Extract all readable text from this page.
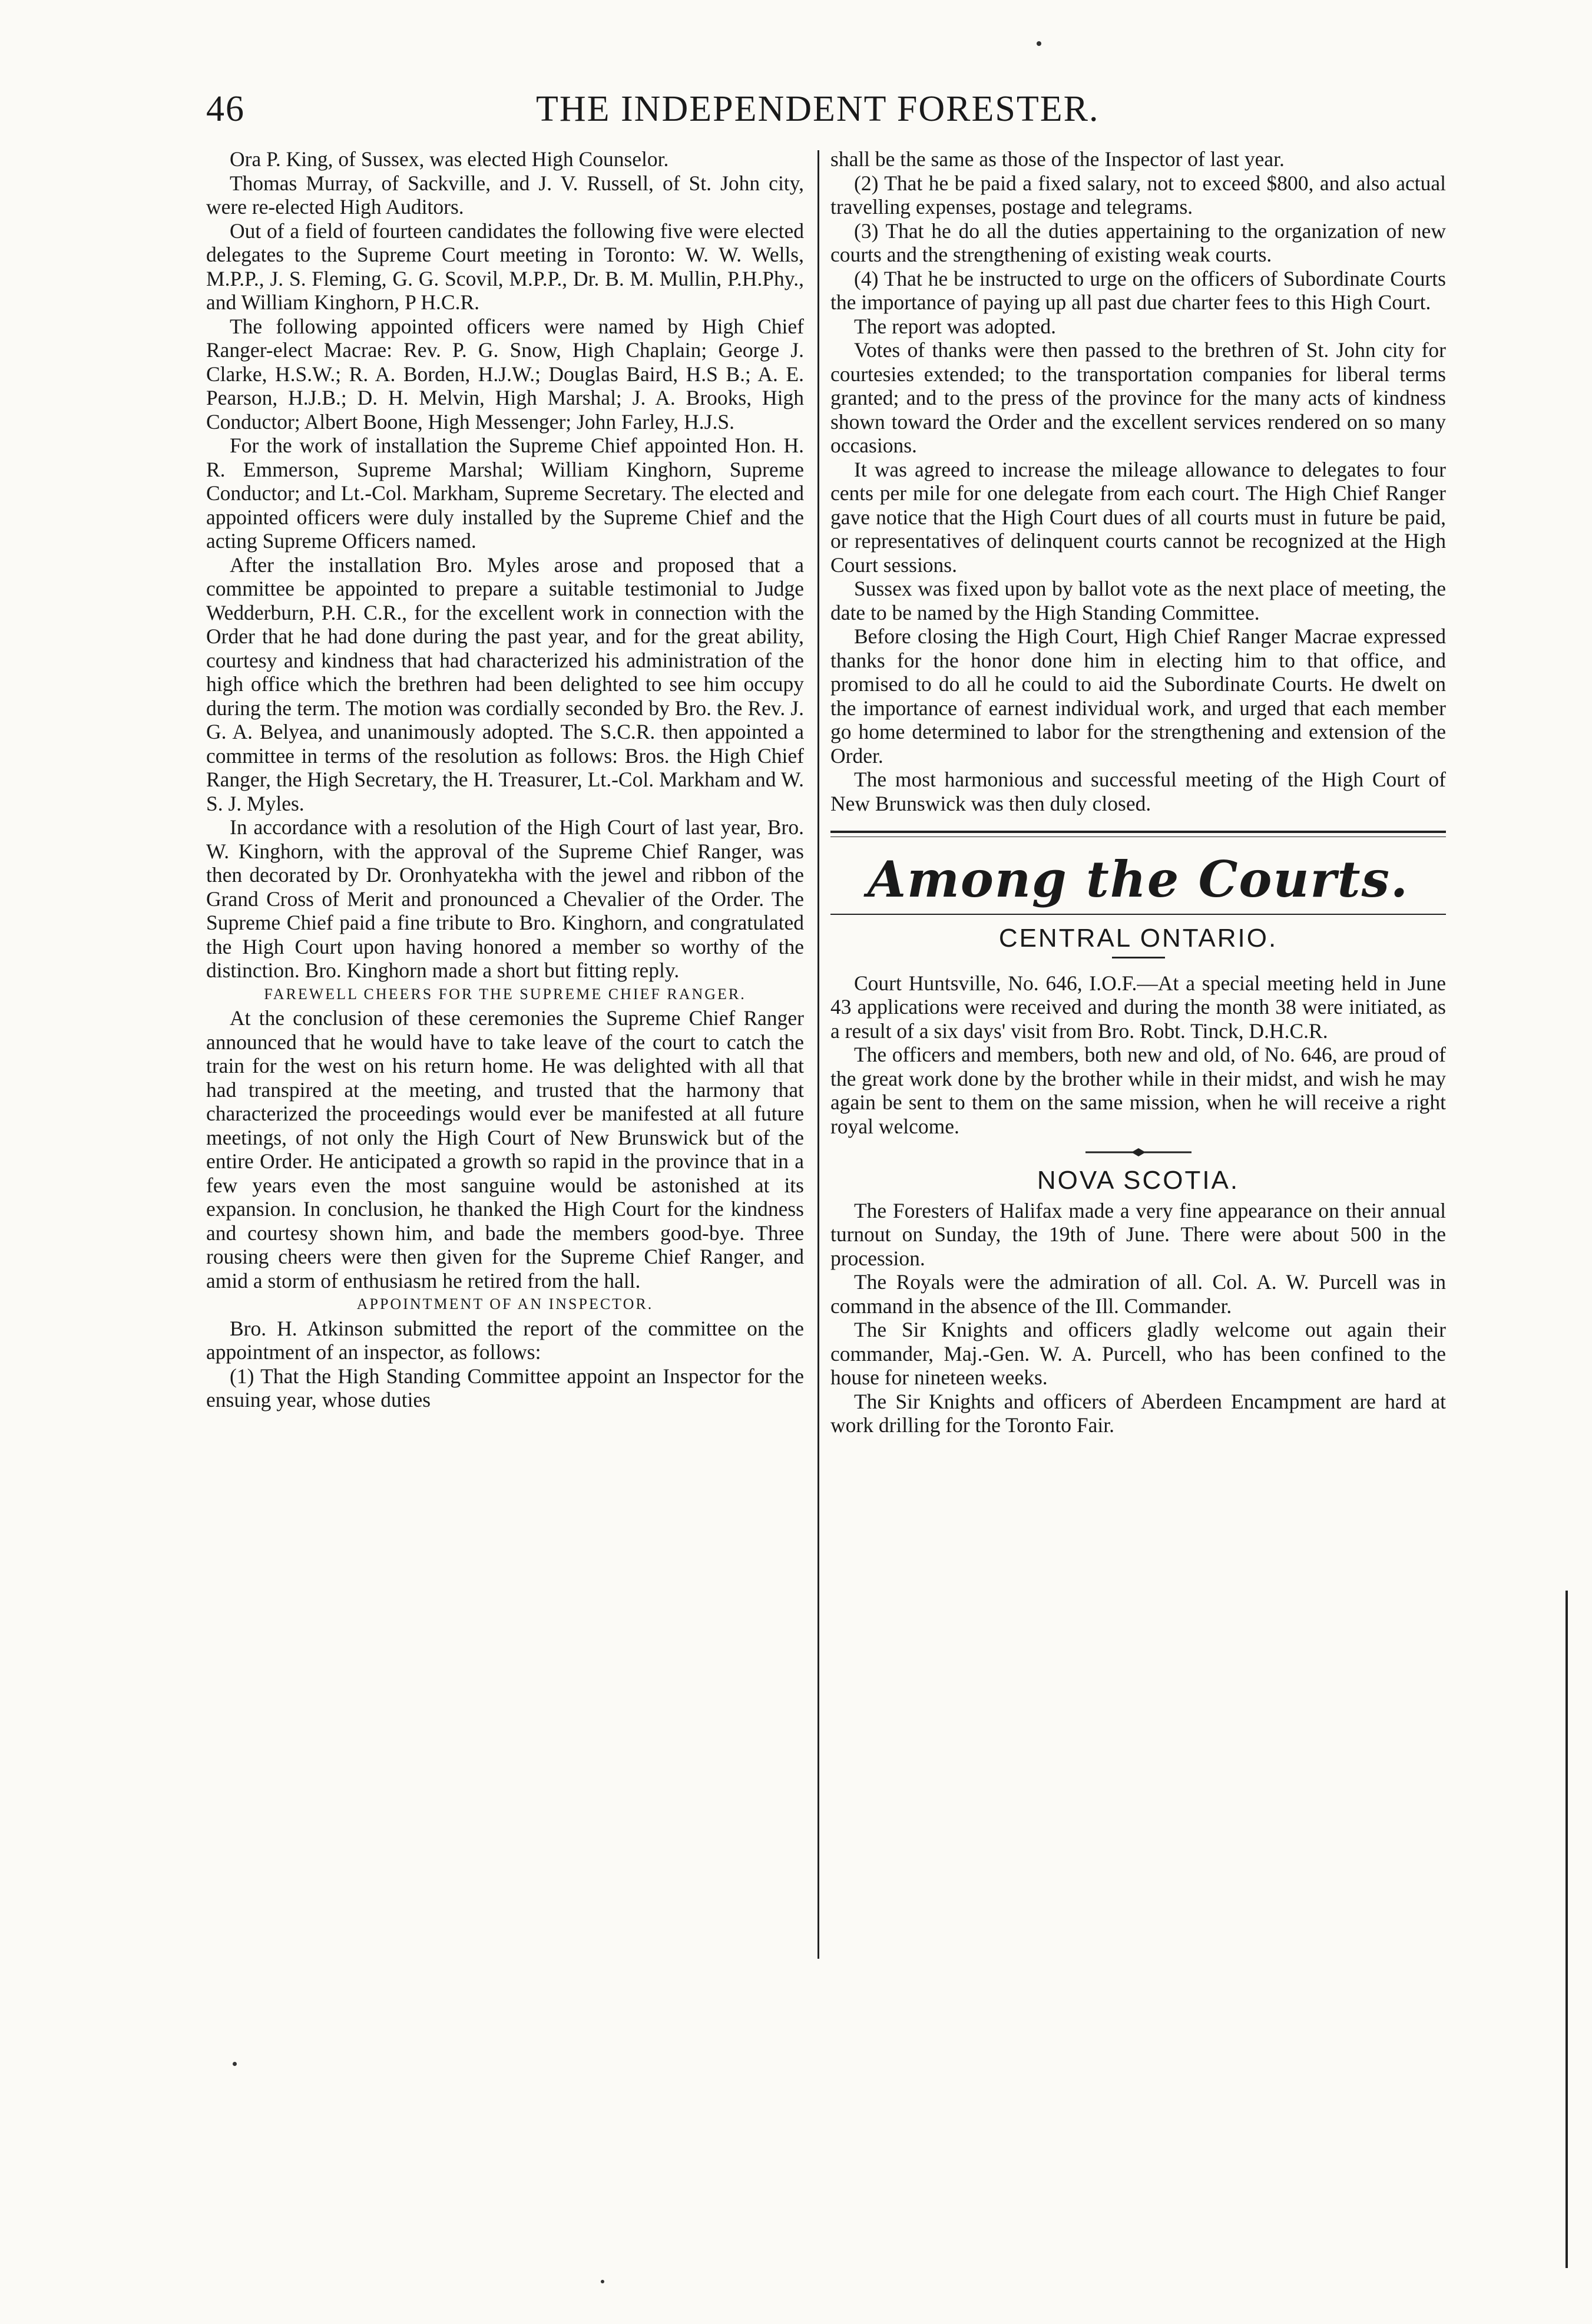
46	THE INDEPENDENT FORESTER.

Ora P. King, of Sussex, was elected High Counselor.

Thomas Murray, of Sackville, and J. V. Russell, of St. John city, were re-elected High Auditors.

Out of a field of fourteen candidates the following five were elected delegates to the Supreme Court meeting in Toronto: W. W. Wells, M.P.P., J. S. Fleming, G. G. Scovil, M.P.P., Dr. B. M. Mullin, P.H.Phy., and William Kinghorn, P H.C.R.

The following appointed officers were named by High Chief Ranger-elect Macrae: Rev. P. G. Snow, High Chaplain; George J. Clarke, H.S.W.; R. A. Borden, H.J.W.; Douglas Baird, H.S B.; A. E. Pearson, H.J.B.; D. H. Melvin, High Marshal; J. A. Brooks, High Conductor; Albert Boone, High Messenger; John Farley, H.J.S.

For the work of installation the Supreme Chief appointed Hon. H. R. Emmerson, Supreme Marshal; William Kinghorn, Supreme Conductor; and Lt.-Col. Markham, Supreme Secretary. The elected and appointed officers were duly installed by the Supreme Chief and the acting Supreme Officers named.

After the installation Bro. Myles arose and proposed that a committee be appointed to prepare a suitable testimonial to Judge Wedderburn, P.H. C.R., for the excellent work in connection with the Order that he had done during the past year, and for the great ability, courtesy and kindness that had characterized his administration of the high office which the brethren had been delighted to see him occupy during the term. The motion was cordially seconded by Bro. the Rev. J. G. A. Belyea, and unanimously adopted. The S.C.R. then appointed a committee in terms of the resolution as follows: Bros. the High Chief Ranger, the High Secretary, the H. Treasurer, Lt.-Col. Markham and W. S. J. Myles.

In accordance with a resolution of the High Court of last year, Bro. W. Kinghorn, with the approval of the Supreme Chief Ranger, was then decorated by Dr. Oronhyatekha with the jewel and ribbon of the Grand Cross of Merit and pronounced a Chevalier of the Order. The Supreme Chief paid a fine tribute to Bro. Kinghorn, and congratulated the High Court upon having honored a member so worthy of the distinction. Bro. Kinghorn made a short but fitting reply.

FAREWELL CHEERS FOR THE SUPREME CHIEF RANGER.

At the conclusion of these ceremonies the Supreme Chief Ranger announced that he would have to take leave of the court to catch the train for the west on his return home. He was delighted with all that had transpired at the meeting, and trusted that the harmony that characterized the proceedings would ever be manifested at all future meetings, of not only the High Court of New Brunswick but of the entire Order. He anticipated a growth so rapid in the province that in a few years even the most sanguine would be astonished at its expansion. In conclusion, he thanked the High Court for the kindness and courtesy shown him, and bade the members good-bye. Three rousing cheers were then given for the Supreme Chief Ranger, and amid a storm of enthusiasm he retired from the hall.

APPOINTMENT OF AN INSPECTOR.

Bro. H. Atkinson submitted the report of the committee on the appointment of an inspector, as follows:

(1) That the High Standing Committee appoint an Inspector for the ensuing year, whose duties

shall be the same as those of the Inspector of last year.

(2) That he be paid a fixed salary, not to exceed $800, and also actual travelling expenses, postage and telegrams.

(3) That he do all the duties appertaining to the organization of new courts and the strengthening of existing weak courts.

(4) That he be instructed to urge on the officers of Subordinate Courts the importance of paying up all past due charter fees to this High Court.

The report was adopted.

Votes of thanks were then passed to the brethren of St. John city for courtesies extended; to the transportation companies for liberal terms granted; and to the press of the province for the many acts of kindness shown toward the Order and the excellent services rendered on so many occasions.

It was agreed to increase the mileage allowance to delegates to four cents per mile for one delegate from each court. The High Chief Ranger gave notice that the High Court dues of all courts must in future be paid, or representatives of delinquent courts cannot be recognized at the High Court sessions.

Sussex was fixed upon by ballot vote as the next place of meeting, the date to be named by the High Standing Committee.

Before closing the High Court, High Chief Ranger Macrae expressed thanks for the honor done him in electing him to that office, and promised to do all he could to aid the Subordinate Courts. He dwelt on the importance of earnest individual work, and urged that each member go home determined to labor for the strengthening and extension of the Order.

The most harmonious and successful meeting of the High Court of New Brunswick was then duly closed.

Among the Courts.
CENTRAL ONTARIO.

Court Huntsville, No. 646, I.O.F.—At a special meeting held in June 43 applications were received and during the month 38 were initiated, as a result of a six days' visit from Bro. Robt. Tinck, D.H.C.R.

The officers and members, both new and old, of No. 646, are proud of the great work done by the brother while in their midst, and wish he may again be sent to them on the same mission, when he will receive a right royal welcome.

NOVA SCOTIA.

The Foresters of Halifax made a very fine appearance on their annual turnout on Sunday, the 19th of June. There were about 500 in the procession.

The Royals were the admiration of all. Col. A. W. Purcell was in command in the absence of the Ill. Commander.

The Sir Knights and officers gladly welcome out again their commander, Maj.-Gen. W. A. Purcell, who has been confined to the house for nineteen weeks.

The Sir Knights and officers of Aberdeen Encampment are hard at work drilling for the Toronto Fair.
